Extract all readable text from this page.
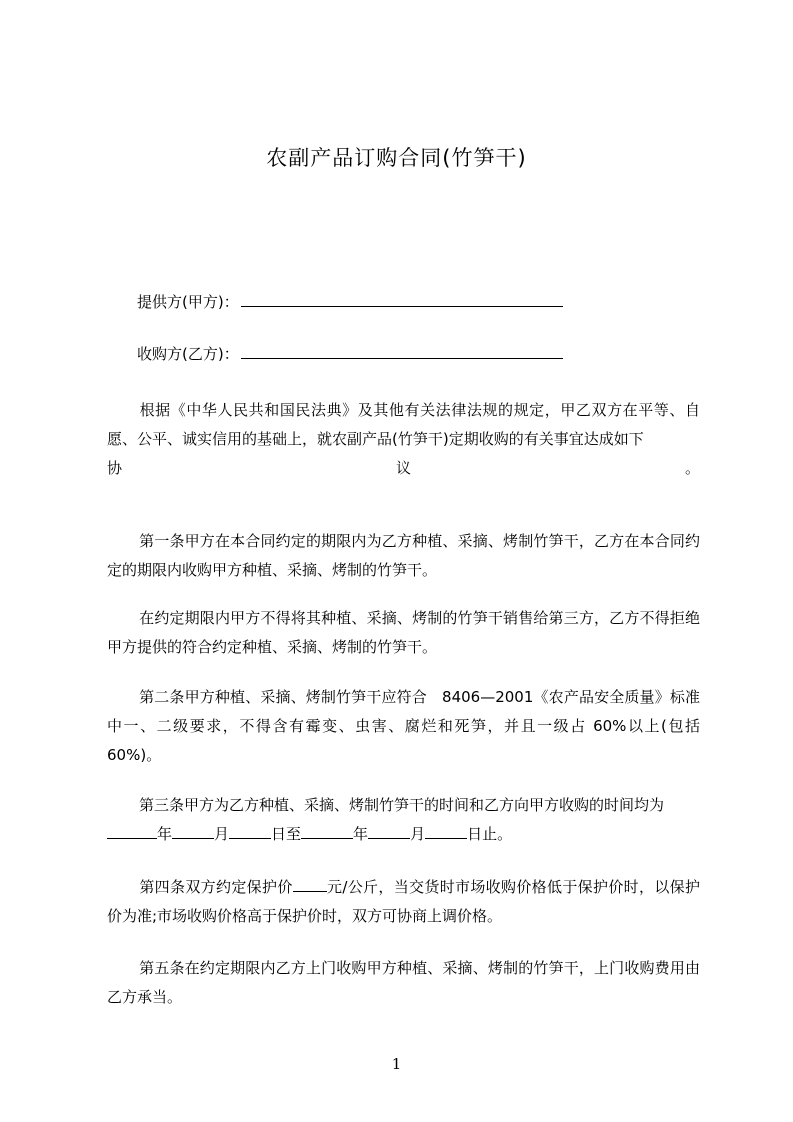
农副产品订购合同(竹笋干)
提供方(甲方)：
收购方(乙方)：
根据《中华人民共和国民法典》及其他有关法律法规的规定，甲乙双方在平等、自愿、公平、诚实信用的基础上，就农副产品(竹笋干)定期收购的有关事宜达成如下
协	议	。
第一条甲方在本合同约定的期限内为乙方种植、采摘、烤制竹笋干，乙方在本合同约定的期限内收购甲方种植、采摘、烤制的竹笋干。
在约定期限内甲方不得将其种植、采摘、烤制的竹笋干销售给第三方，乙方不得拒绝甲方提供的符合约定种植、采摘、烤制的竹笋干。
第二条甲方种植、采摘、烤制竹笋干应符合　8406—2001《农产品安全质量》标准 中一、二级要求，不得含有霉变、虫害、腐烂和死笋，并且一级占 60%以上(包括 60%)。
第三条甲方为乙方种植、采摘、烤制竹笋干的时间和乙方向甲方收购的时间均为
年	月	日至	年	月	日止。
第四条双方约定保护价 元/公斤，当交货时市场收购价格低于保护价时，以保护价为准;市场收购价格高于保护价时，双方可协商上调价格。
第五条在约定期限内乙方上门收购甲方种植、采摘、烤制的竹笋干，上门收购费用由乙方承当。
1
